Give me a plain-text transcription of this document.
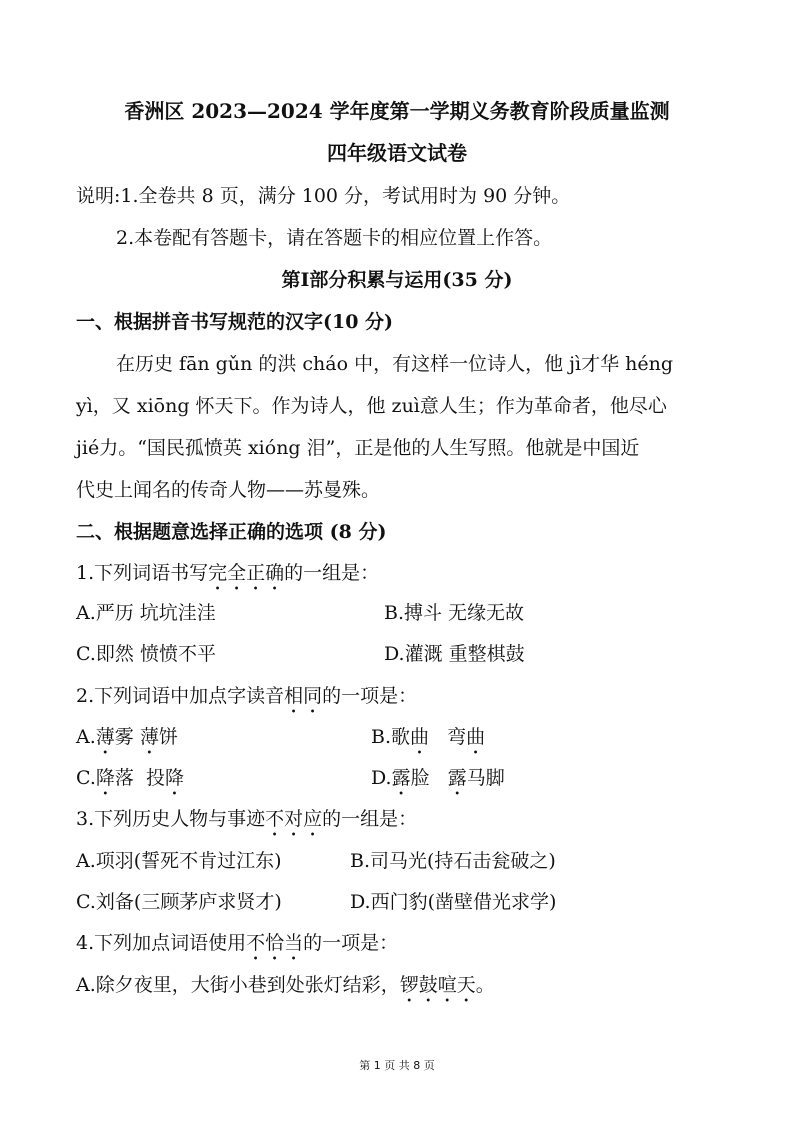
香洲区 2023—2024 学年度第一学期义务教育阶段质量监测
四年级语文试卷
说明:1.全卷共 8 页，满分 100 分，考试用时为 90 分钟。
2.本卷配有答题卡，请在答题卡的相应位置上作答。
第Ⅰ部分积累与运用(35 分)
一、根据拼音书写规范的汉字(10 分)
在历史 fān gǔn 的洪 cháo 中，有这样一位诗人，他 jì才华 héng
yì，又 xiōng 怀天下。作为诗人，他 zuì意人生；作为革命者，他尽心
jié力。“国民孤愤英 xióng 泪”，正是他的人生写照。他就是中国近
代史上闻名的传奇人物——苏曼殊。
二、根据题意选择正确的选项 (8 分)
1.下列词语书写完全正确的一组是：
A.严历 坑坑洼洼	B.搏斗 无缘无故
C.即然 愤愤不平	D.灌溉 重整棋鼓
2.下列词语中加点字读音相同的一项是：
A.薄雾 薄饼	B.歌曲   弯曲
C.降落  投降	D.露脸   露马脚
3.下列历史人物与事迹不对应的一组是：
A.项羽(誓死不肯过江东)	B.司马光(持石击瓮破之)
C.刘备(三顾茅庐求贤才)	D.西门豹(凿壁借光求学)
4.下列加点词语使用不恰当的一项是：
A.除夕夜里，大街小巷到处张灯结彩，锣鼓喧天。
第 1 页 共 8 页
